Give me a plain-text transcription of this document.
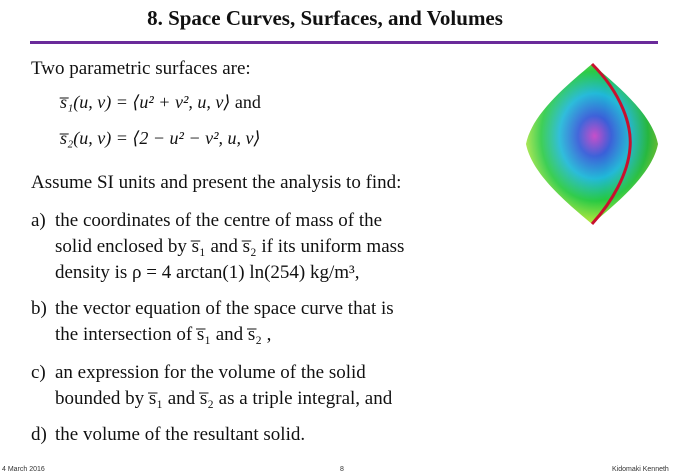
8. Space Curves, Surfaces, and Volumes
Two parametric surfaces are:
s̅₁(u, v) = ⟨u² + v², u, v⟩ and
s̅₂(u, v) = ⟨2 − u² − v², u, v⟩
Assume SI units and present the analysis to find:
a) the coordinates of the centre of mass of the
solid enclosed by s̅₁ and s̅₂ if its uniform mass
density is ρ = 4 arctan(1) ln(254) kg/m³,
b) the vector equation of the space curve that is
the intersection of s̅₁ and s̅₂ ,
c) an expression for the volume of the solid
bounded by s̅₁ and s̅₂ as a triple integral, and
d) the volume of the resultant solid.
4 March 2016	8	Kidomaki Kenneth
